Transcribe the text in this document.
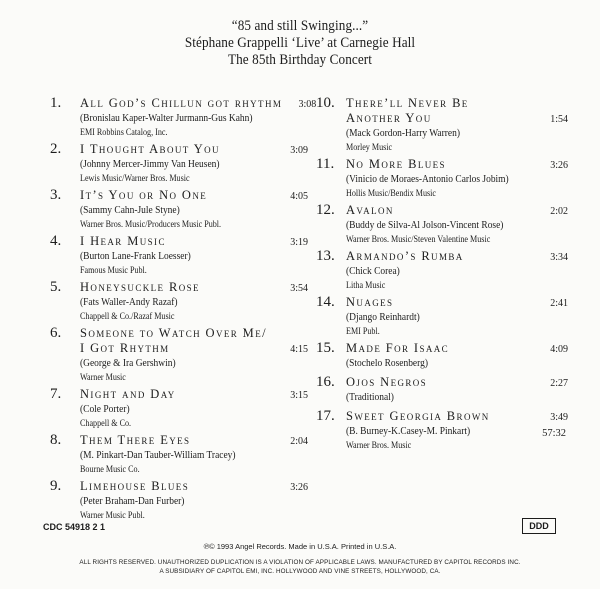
“85 and still Swinging...”
Stéphane Grappelli ‘Live’ at Carnegie Hall
The 85th Birthday Concert
1.	All God’s Chillun got rhythm	3:08
(Bronislau Kaper-Walter Jurmann-Gus Kahn)
EMI Robbins Catalog, Inc.
2.	I Thought About You	3:09
(Johnny Mercer-Jimmy Van Heusen)
Lewis Music/Warner Bros. Music
3.	It’s You or No One	4:05
(Sammy Cahn-Jule Styne)
Warner Bros. Music/Producers Music Publ.
4.	I Hear Music	3:19
(Burton Lane-Frank Loesser)
Famous Music Publ.
5.	Honeysuckle Rose	3:54
(Fats Waller-Andy Razaf)
Chappell & Co./Razaf Music
6.	Someone to Watch Over Me/
I Got Rhythm	4:15
(George & Ira Gershwin)
Warner Music
7.	Night and Day	3:15
(Cole Porter)
Chappell & Co.
8.	Them There Eyes	2:04
(M. Pinkart-Dan Tauber-William Tracey)
Bourne Music Co.
9.	Limehouse Blues	3:26
(Peter Braham-Dan Furber)
Warner Music Publ.
10. There’ll Never Be
Another You	1:54
(Mack Gordon-Harry Warren)
Morley Music
11. No More Blues	3:26
(Vinicio de Moraes-Antonio Carlos Jobim)
Hollis Music/Bendix Music
12. Avalon	2:02
(Buddy de Silva-Al Jolson-Vincent Rose)
Warner Bros. Music/Steven Valentine Music
13. Armando’s Rumba	3:34
(Chick Corea)
Litha Music
14. Nuages	2:41
(Django Reinhardt)
EMI Publ.
15. Made For Isaac	4:09
(Stochelo Rosenberg)
16. Ojos Negros	2:27
(Traditional)
17. Sweet Georgia Brown	3:49
(B. Burney-K.Casey-M. Pinkart)
Warner Bros. Music
57:32
CDC 54918 2 1	DDD
℗© 1993 Angel Records. Made in U.S.A. Printed in U.S.A.
ALL RIGHTS RESERVED. UNAUTHORIZED DUPLICATION IS A VIOLATION OF APPLICABLE LAWS. MANUFACTURED BY CAPITOL RECORDS INC.
A SUBSIDIARY OF CAPITOL EMI, INC. HOLLYWOOD AND VINE STREETS, HOLLYWOOD, CA.
